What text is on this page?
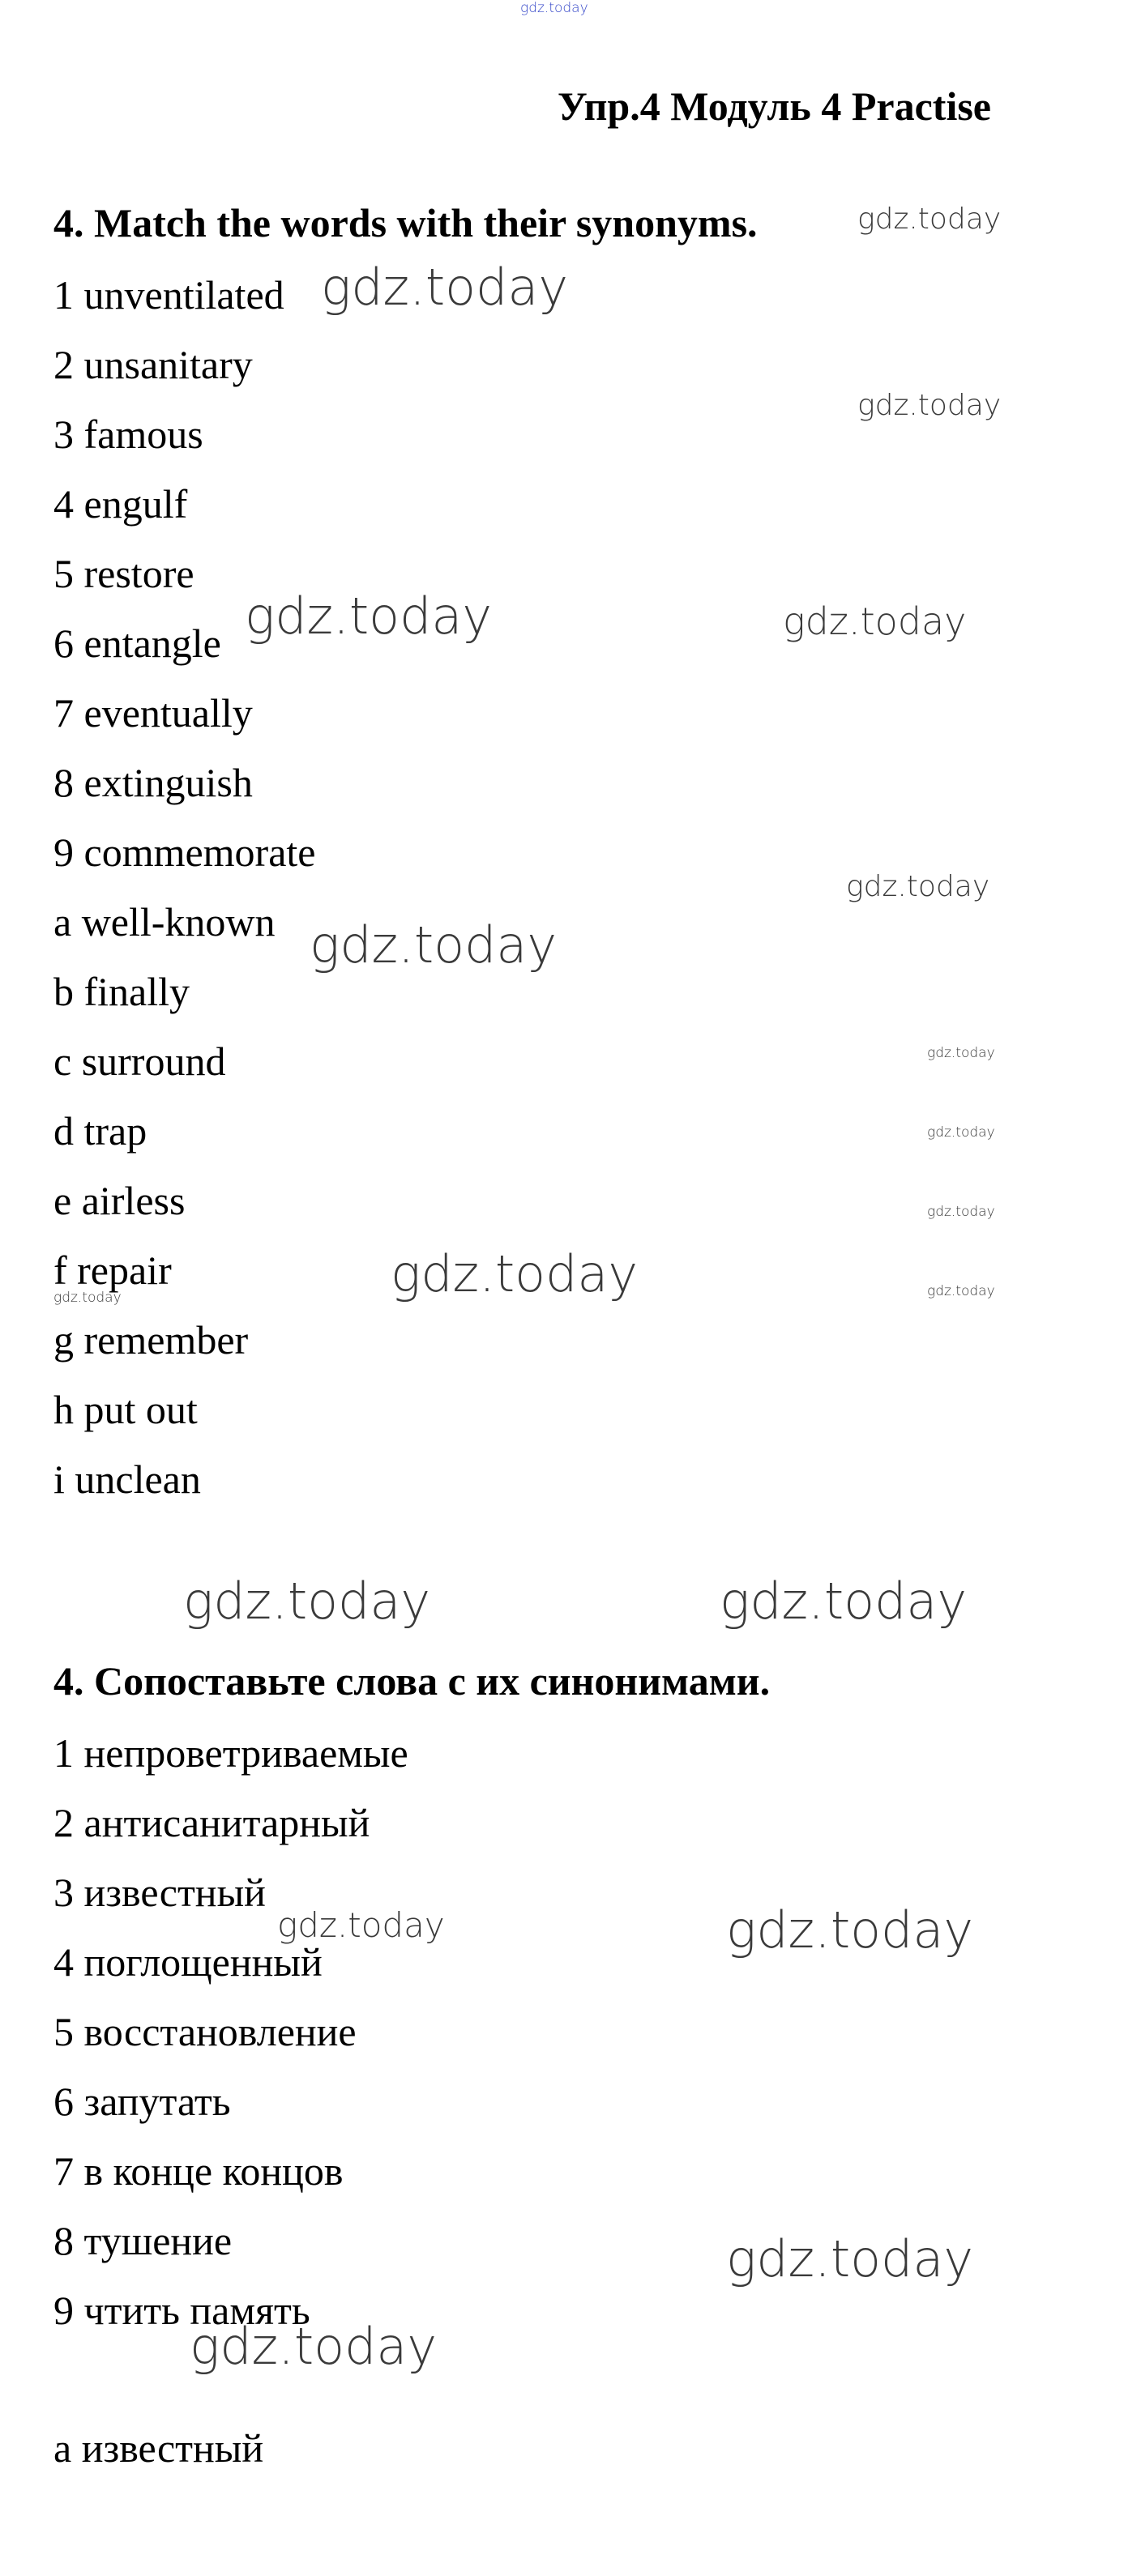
Упр.4 Модуль 4 Practise
4. Match the words with their synonyms.
1 unventilated
2 unsanitary
3 famous
4 engulf
5 restore
6 entangle
7 eventually
8 extinguish
9 commemorate
a well-known
b finally
c surround
d trap
e airless
f repair
g remember
h put out
i unclean
4. Сопоставьте слова с их синонимами.
1 непроветриваемые
2 антисанитарный
3 известный
4 поглощенный
5 восстановление
6 запутать
7 в конце концов
8 тушение
9 чтить память
а известный
gdz.today
gdz.today
gdz.today
gdz.today
gdz.today	gdz.today
gdz.today
gdz.today
gdz.today
gdz.today
gdz.today
gdz.today	gdz.today
gdz.today
gdz.today	gdz.today
gdz.today	gdz.today
gdz.today
gdz.today
